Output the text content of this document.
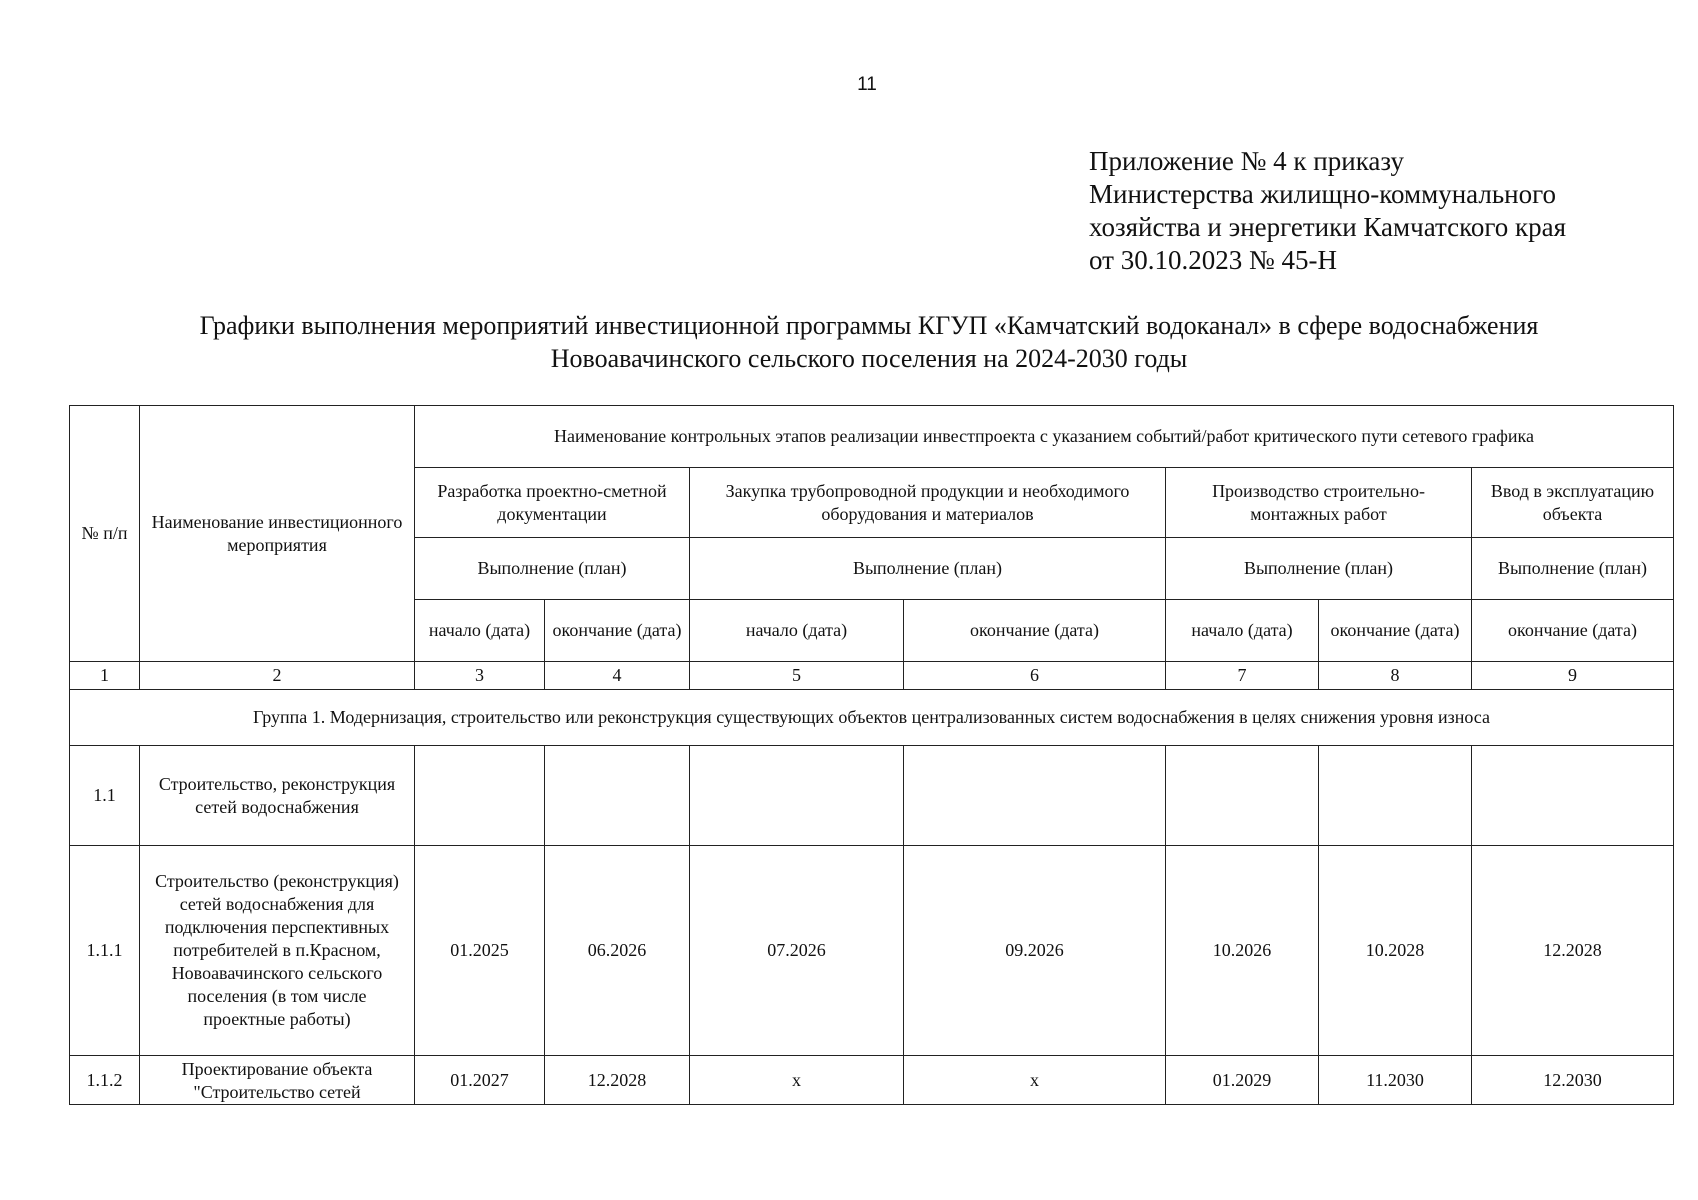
11
Приложение № 4 к приказу
Министерства жилищно-коммунального
хозяйства и энергетики Камчатского края
от 30.10.2023 № 45-Н
Графики выполнения мероприятий инвестиционной программы КГУП «Камчатский водоканал» в сфере водоснабжения
Новоавачинского сельского поселения на 2024-2030 годы
№ п/п	Наименование инвестиционного мероприятия	Наименование контрольных этапов реализации инвестпроекта с указанием событий/работ критического пути сетевого графика						
		Разработка проектно-сметной документации		Закупка трубопроводной продукции и необходимого оборудования и материалов		Производство строительно-монтажных работ		Ввод в эксплуатацию объекта
		Выполнение (план)		Выполнение (план)		Выполнение (план)		Выполнение (план)
		начало (дата)	окончание (дата)	начало (дата)	окончание (дата)	начало (дата)	окончание (дата)	окончание (дата)
1	2	3	4	5	6	7	8	9
Группа 1. Модернизация, строительство или реконструкция существующих объектов централизованных систем водоснабжения в целях снижения уровня износа								
1.1	Строительство, реконструкция сетей водоснабжения							
1.1.1	Строительство (реконструкция) сетей водоснабжения для подключения перспективных потребителей в п.Красном, Новоавачинского сельского поселения (в том числе проектные работы)	01.2025	06.2026	07.2026	09.2026	10.2026	10.2028	12.2028
1.1.2	Проектирование объекта "Строительство сетей	01.2027	12.2028	x	x	01.2029	11.2030	12.2030
